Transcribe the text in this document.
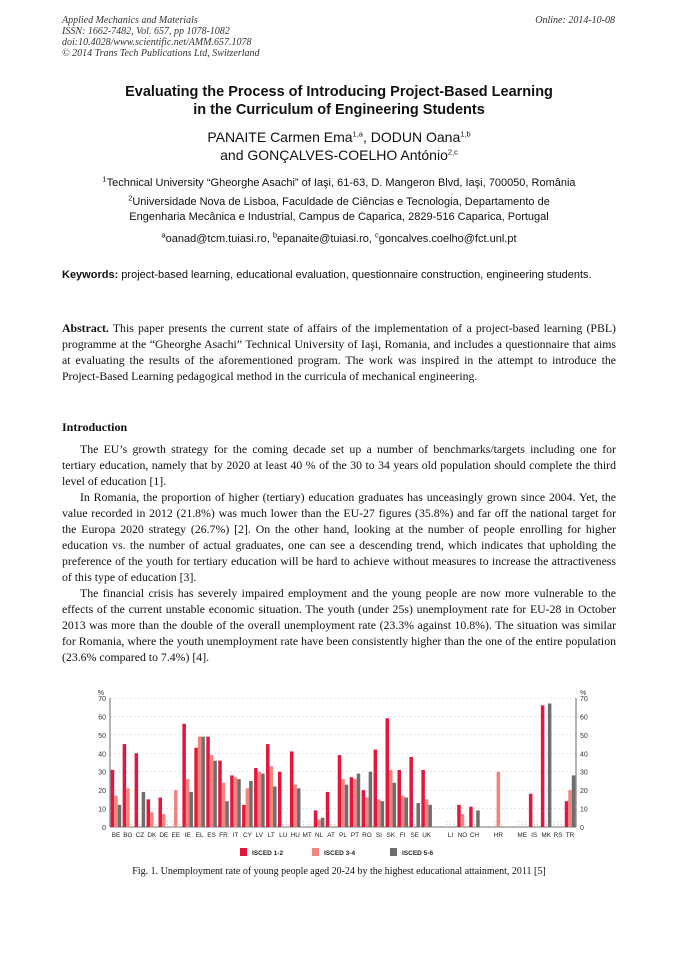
Applied Mechanics and Materials
ISSN: 1662-7482, Vol. 657, pp 1078-1082
doi:10.4028/www.scientific.net/AMM.657.1078
© 2014 Trans Tech Publications Ltd, Switzerland
Online: 2014-10-08
Evaluating the Process of Introducing Project-Based Learning
in the Curriculum of Engineering Students
PANAITE Carmen Ema$^{1,a}$, DODUN Oana$^{1,b}$
and GONÇALVES-COELHO António$^{2,c}$
$^1$Technical University “Gheorghe Asachi” of Iaşi, 61-63, D. Mangeron Blvd, Iaşi, 700050, România
$^2$Universidade Nova de Lisboa, Faculdade de Ciências e Tecnologia, Departamento de
Engenharia Mecânica e Industrial, Campus de Caparica, 2829-516 Caparica, Portugal
$^a$oanad@tcm.tuiasi.ro, $^b$epanaite@tuiasi.ro, $^c$goncalves.coelho@fct.unl.pt
Keywords: project-based learning, educational evaluation, questionnaire construction, engineering students.
Abstract. This paper presents the current state of affairs of the implementation of a project-based learning (PBL) programme at the “Gheorghe Asachi” Technical University of Iaşi, Romania, and includes a questionnaire that aims at evaluating the results of the aforementioned program. The work was inspired in the attempt to introduce the Project-Based Learning pedagogical method in the curricula of mechanical engineering.
Introduction

The EU’s growth strategy for the coming decade set up a number of benchmarks/targets including one for tertiary education, namely that by 2020 at least 40 % of the 30 to 34 years old population should complete the third level of education [1].

In Romania, the proportion of higher (tertiary) education graduates has unceasingly grown since 2004. Yet, the value recorded in 2012 (21.8%) was much lower than the EU-27 figures (35.8%) and far off the national target for the Europa 2020 strategy (26.7%) [2]. On the other hand, looking at the number of people enrolling for higher education vs. the number of actual graduates, one can see a descending trend, which indicates that upholding the preference of the youth for tertiary education will be hard to achieve without measures to increase the attractiveness of this type of education [3].

The financial crisis has severely impaired employment and the young people are now more vulnerable to the effects of the current unstable economic situation. The youth (under 25s) unemployment rate for EU-28 in October 2013 was more than the double of the overall unemployment rate (23.3% against 10.8%). The situation was similar for Romania, where the youth unemployment rate have been consistently higher than the one of the entire population (23.6% compared to 7.4%) [4].

0	0
10	10
20	20
30	30
40	40
50	50
60	60
70	70
%	%
BE
:
BG
:
CZ
:
DK
:
DE
: :
EE IE EL ES FR IT CY LV LT
: :
LU HU
: : :
MT NL
: :
AT PL PT RO SI SK FI
:
SE UK
: : :
LI
:
NO
:
CH
: :
HR
: : :
ME
: :
IS
:
MK
: : :
RS TR
ISCED 1-2	ISCED 3-4	ISCED 5-6
Fig. 1. Unemployment rate of young people aged 20-24 by the highest educational attainment, 2011 [5]
